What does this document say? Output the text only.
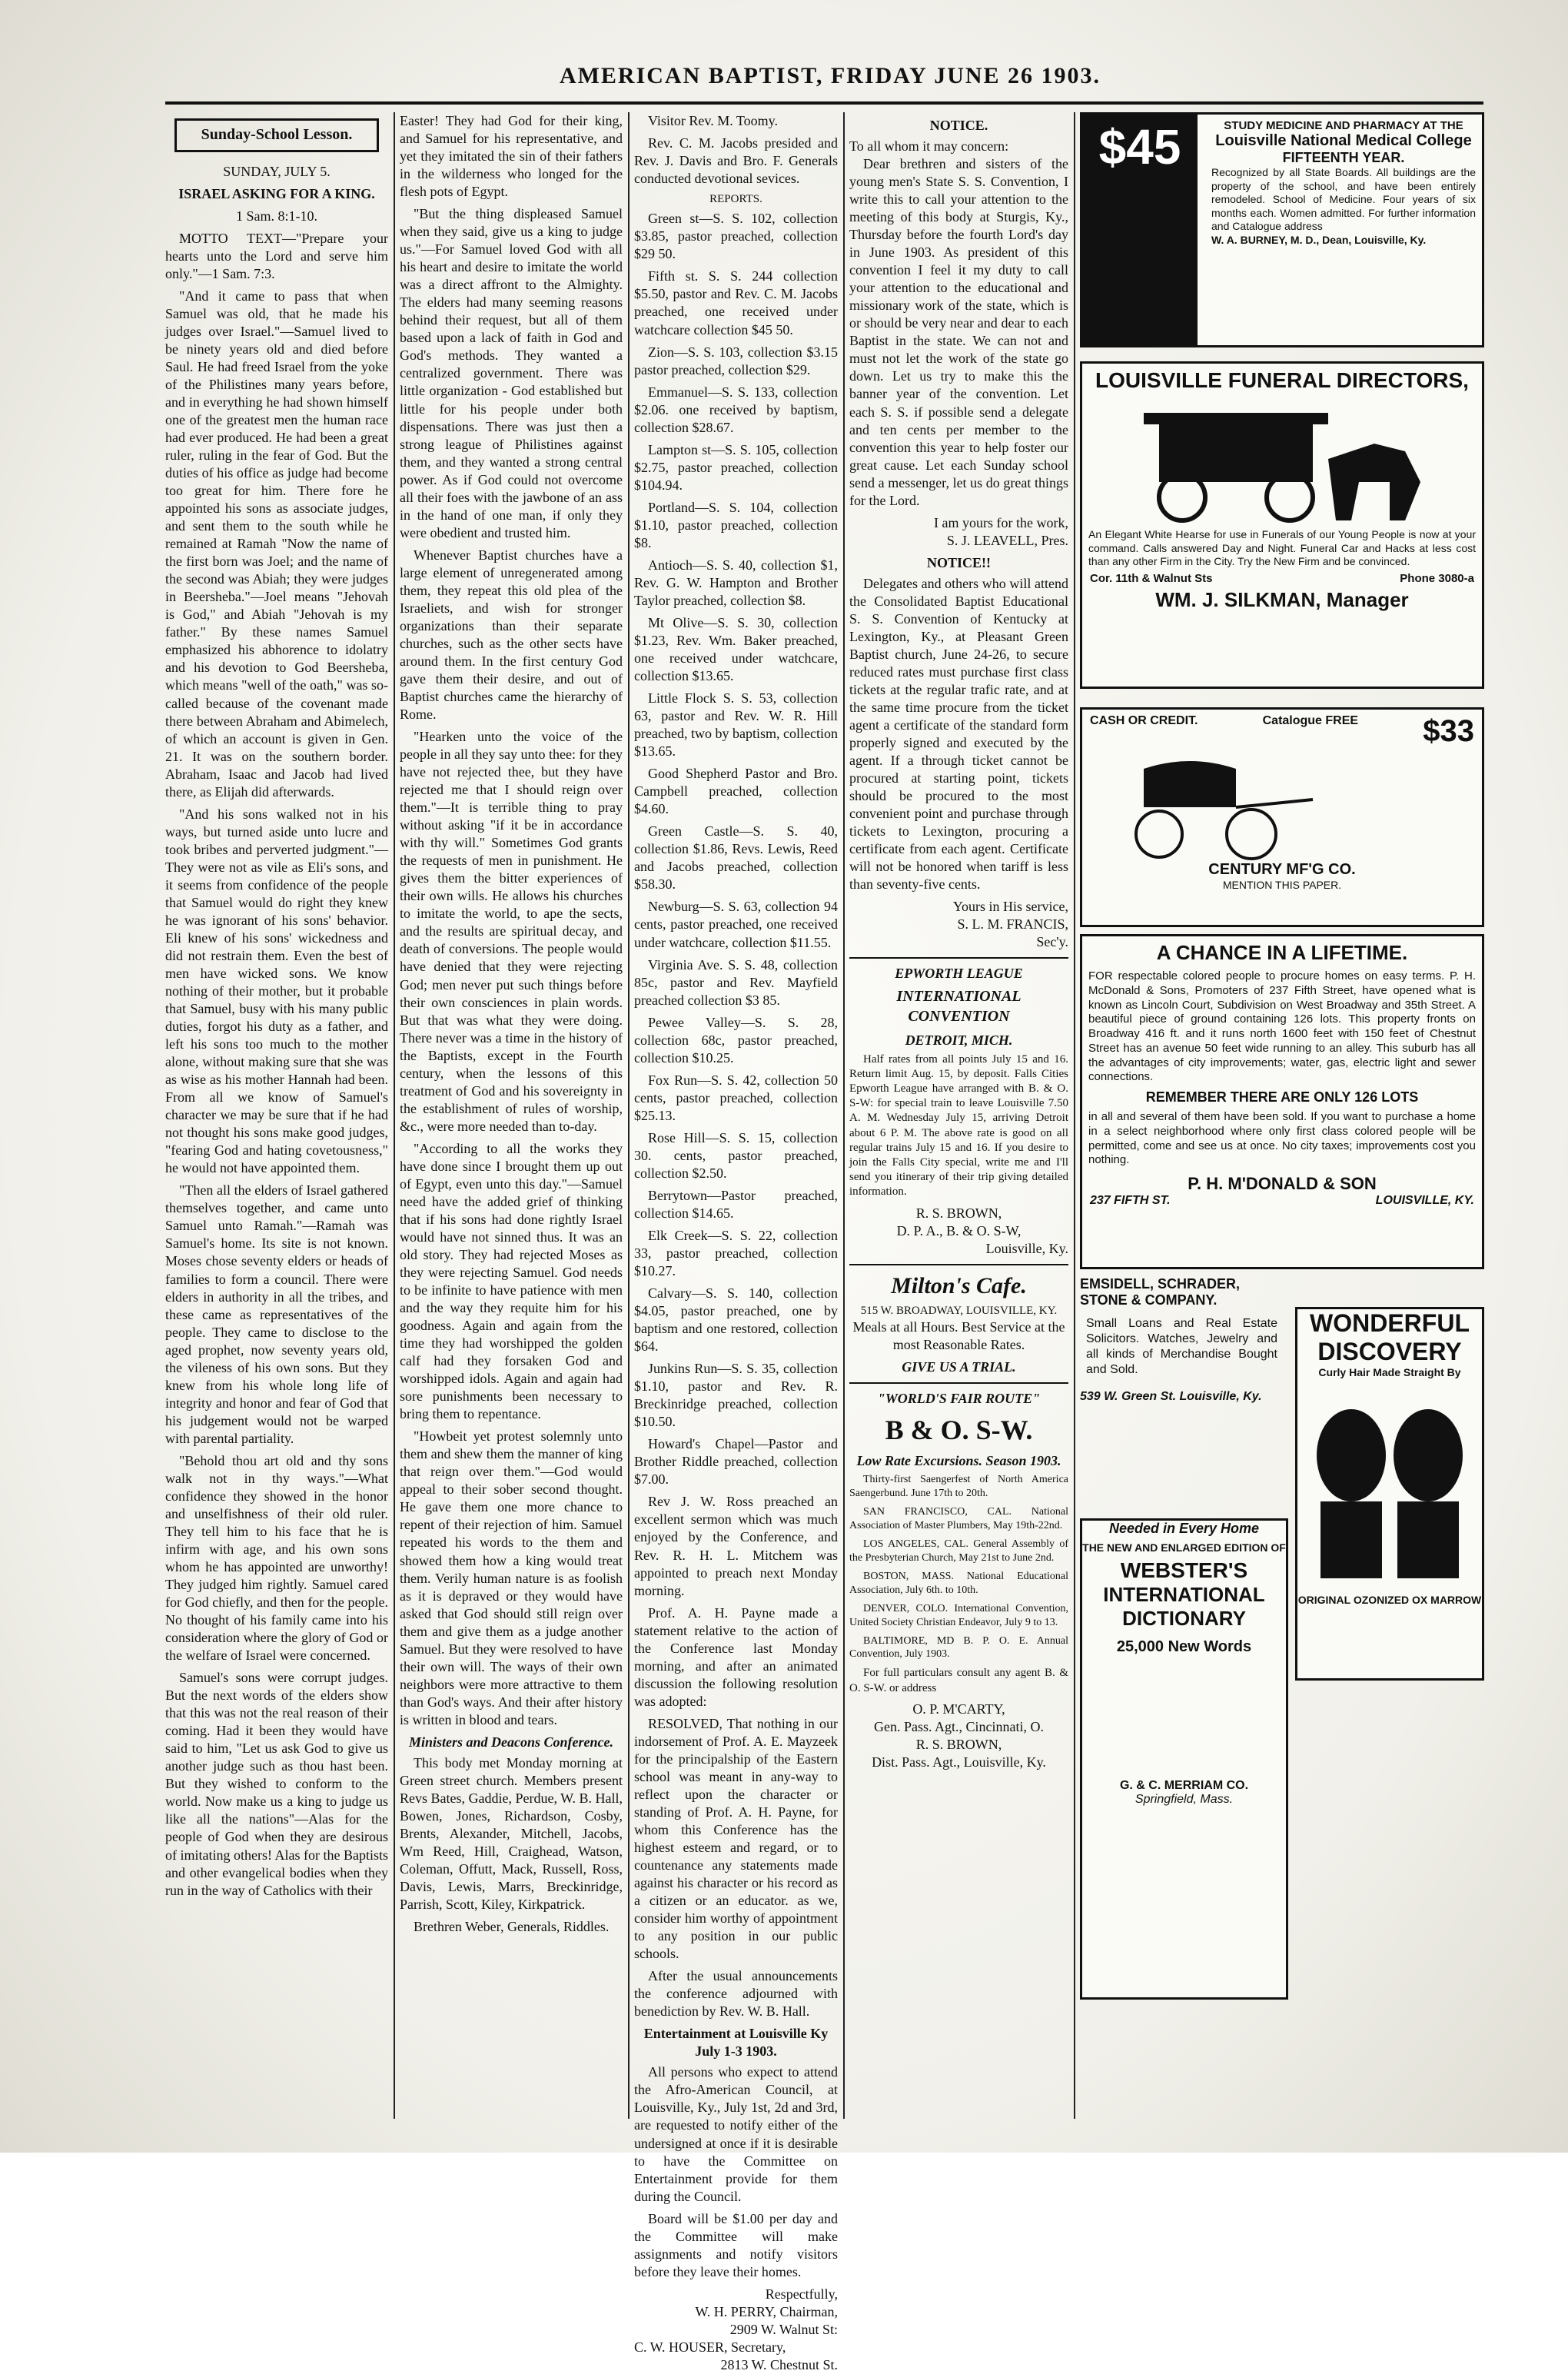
AMERICAN BAPTIST, FRIDAY JUNE 26 1903.
Sunday-School Lesson.
SUNDAY, JULY 5.
ISRAEL ASKING FOR A KING.
1 Sam. 8:1-10.

MOTTO TEXT—"Prepare your hearts unto the Lord and serve him only."—1 Sam. 7:3.

"And it came to pass that when Samuel was old, that he made his judges over Israel."—Samuel lived to be ninety years old and died before Saul. He had freed Israel from the yoke of the Philistines many years before, and in everything he had shown himself one of the greatest men the human race had ever produced. He had been a great ruler, ruling in the fear of God. But the duties of his office as judge had become too great for him. There fore he appointed his sons as associate judges, and sent them to the south while he remained at Ramah "Now the name of the first born was Joel; and the name of the second was Abiah; they were judges in Beersheba."—Joel means "Jehovah is God," and Abiah "Jehovah is my father." By these names Samuel emphasized his abhorence to idolatry and his devotion to God Beersheba, which means "well of the oath," was so-called because of the covenant made there between Abraham and Abimelech, of which an account is given in Gen. 21. It was on the southern border. Abraham, Isaac and Jacob had lived there, as Elijah did afterwards.

"And his sons walked not in his ways, but turned aside unto lucre and took bribes and perverted judgment."—They were not as vile as Eli's sons, and it seems from confidence of the people that Samuel would do right they knew he was ignorant of his sons' behavior. Eli knew of his sons' wickedness and did not restrain them. Even the best of men have wicked sons. We know nothing of their mother, but it probable that Samuel, busy with his many public duties, forgot his duty as a father, and left his sons too much to the mother alone, without making sure that she was as wise as his mother Hannah had been. From all we know of Samuel's character we may be sure that if he had not thought his sons make good judges, "fearing God and hating covetousness," he would not have appointed them.

"Then all the elders of Israel gathered themselves together, and came unto Samuel unto Ramah."—Ramah was Samuel's home. Its site is not known. Moses chose seventy elders or heads of families to form a council. There were elders in authority in all the tribes, and these came as representatives of the people. They came to disclose to the aged prophet, now seventy years old, the vileness of his own sons. But they knew from his whole long life of integrity and honor and fear of God that his judgement would not be warped with parental partiality.

"Behold thou art old and thy sons walk not in thy ways."—What confidence they showed in the honor and unselfishness of their old ruler. They tell him to his face that he is infirm with age, and his own sons whom he has appointed are unworthy! They judged him rightly. Samuel cared for God chiefly, and then for the people. No thought of his family came into his consideration where the glory of God or the welfare of Israel were concerned.

Samuel's sons were corrupt judges. But the next words of the elders show that this was not the real reason of their coming. Had it been they would have said to him, "Let us ask God to give us another judge such as thou hast been. But they wished to conform to the world. Now make us a king to judge us like all the nations"—Alas for the people of God when they are desirous of imitating others! Alas for the Baptists and other evangelical bodies when they run in the way of Catholics with their

Easter! They had God for their king, and Samuel for his representative, and yet they imitated the sin of their fathers in the wilderness who longed for the flesh pots of Egypt.

"But the thing displeased Samuel when they said, give us a king to judge us."—For Samuel loved God with all his heart and desire to imitate the world was a direct affront to the Almighty. The elders had many seeming reasons behind their request, but all of them based upon a lack of faith in God and God's methods. They wanted a centralized government. There was little organization - God established but little for his people under both dispensations. There was just then a strong league of Philistines against them, and they wanted a strong central power. As if God could not overcome all their foes with the jawbone of an ass in the hand of one man, if only they were obedient and trusted him.

Whenever Baptist churches have a large element of unregenerated among them, they repeat this old plea of the Israeliets, and wish for stronger organizations than their separate churches, such as the other sects have around them. In the first century God gave them their desire, and out of Baptist churches came the hierarchy of Rome.

"Hearken unto the voice of the people in all they say unto thee: for they have not rejected thee, but they have rejected me that I should reign over them."—It is terrible thing to pray without asking "if it be in accordance with thy will." Sometimes God grants the requests of men in punishment. He gives them the bitter experiences of their own wills. He allows his churches to imitate the world, to ape the sects, and the results are spiritual decay, and death of conversions. The people would have denied that they were rejecting God; men never put such things before their own consciences in plain words. But that was what they were doing. There never was a time in the history of the Baptists, except in the Fourth century, when the lessons of this treatment of God and his sovereignty in the establishment of rules of worship, &c., were more needed than to-day.

"According to all the works they have done since I brought them up out of Egypt, even unto this day."—Samuel need have the added grief of thinking that if his sons had done rightly Israel would have not sinned thus. It was an old story. They had rejected Moses as they were rejecting Samuel. God needs to be infinite to have patience with men and the way they requite him for his goodness. Again and again from the time they had worshipped the golden calf had they forsaken God and worshipped idols. Again and again had sore punishments been necessary to bring them to repentance.

"Howbeit yet protest solemnly unto them and shew them the manner of king that reign over them."—God would appeal to their sober second thought. He gave them one more chance to repent of their rejection of him. Samuel repeated his words to the them and showed them how a king would treat them. Verily human nature is as foolish as it is depraved or they would have asked that God should still reign over them and give them as a judge another Samuel. But they were resolved to have their own will. The ways of their own neighbors were more attractive to them than God's ways. And their after history is written in blood and tears.

Ministers and Deacons Conference.

This body met Monday morning at Green street church. Members present Revs Bates, Gaddie, Perdue, W. B. Hall, Bowen, Jones, Richardson, Cosby, Brents, Alexander, Mitchell, Jacobs, Wm Reed, Hill, Craighead, Watson, Coleman, Offutt, Mack, Russell, Ross, Davis, Lewis, Marrs, Breckinridge, Parrish, Scott, Kiley, Kirkpatrick.

Brethren Weber, Generals, Riddles.

Visitor Rev. M. Toomy.

Rev. C. M. Jacobs presided and Rev. J. Davis and Bro. F. Generals conducted devotional sevices.

REPORTS.

Green st—S. S. 102, collection $3.85, pastor preached, collection $29 50.

Fifth st. S. S. 244 collection $5.50, pastor and Rev. C. M. Jacobs preached, one received under watchcare collection $45 50.

Zion—S. S. 103, collection $3.15 pastor preached, collection $29.

Emmanuel—S. S. 133, collection $2.06. one received by baptism, collection $28.67.

Lampton st—S. S. 105, collection $2.75, pastor preached, collection $104.94.

Portland—S. S. 104, collection $1.10, pastor preached, collection $8.

Antioch—S. S. 40, collection $1, Rev. G. W. Hampton and Brother Taylor preached, collection $8.

Mt Olive—S. S. 30, collection $1.23, Rev. Wm. Baker preached, one received under watchcare, collection $13.65.

Little Flock S. S. 53, collection 63, pastor and Rev. W. R. Hill preached, two by baptism, collection $13.65.

Good Shepherd Pastor and Bro. Campbell preached, collection $4.60.

Green Castle—S. S. 40, collection $1.86, Revs. Lewis, Reed and Jacobs preached, collection $58.30.

Newburg—S. S. 63, collection 94 cents, pastor preached, one received under watchcare, collection $11.55.

Virginia Ave. S. S. 48, collection 85c, pastor and Rev. Mayfield preached collection $3 85.

Pewee Valley—S. S. 28, collection 68c, pastor preached, collection $10.25.

Fox Run—S. S. 42, collection 50 cents, pastor preached, collection $25.13.

Rose Hill—S. S. 15, collection 30. cents, pastor preached, collection $2.50.

Berrytown—Pastor preached, collection $14.65.

Elk Creek—S. S. 22, collection 33, pastor preached, collection $10.27.

Calvary—S. S. 140, collection $4.05, pastor preached, one by baptism and one restored, collection $64.

Junkins Run—S. S. 35, collection $1.10, pastor and Rev. R. Breckinridge preached, collection $10.50.

Howard's Chapel—Pastor and Brother Riddle preached, collection $7.00.

Rev J. W. Ross preached an excellent sermon which was much enjoyed by the Conference, and Rev. R. H. L. Mitchem was appointed to preach next Monday morning.

Prof. A. H. Payne made a statement relative to the action of the Conference last Monday morning, and after an animated discussion the following resolution was adopted:

RESOLVED, That nothing in our indorsement of Prof. A. E. Mayzeek for the principalship of the Eastern school was meant in any-way to reflect upon the character or standing of Prof. A. H. Payne, for whom this Conference has the highest esteem and regard, or to countenance any statements made against his character or his record as a citizen or an educator. as we, consider him worthy of appointment to any position in our public schools.

After the usual announcements the conference adjourned with benediction by Rev. W. B. Hall.

Entertainment at Louisville Ky July 1-3 1903.

All persons who expect to attend the Afro-American Council, at Louisville, Ky., July 1st, 2d and 3rd, are requested to notify either of the undersigned at once if it is desirable to have the Committee on Entertainment provide for them during the Council.

Board will be $1.00 per day and the Committee will make assignments and notify visitors before they leave their homes.

Respectfully,
W. H. PERRY, Chairman,
2909 W. Walnut St:
C. W. HOUSER, Secretary,
2813 W. Chestnut St.
NOTICE.
To all whom it may concern:

Dear brethren and sisters of the young men's State S. S. Convention, I write this to call your attention to the meeting of this body at Sturgis, Ky., Thursday before the fourth Lord's day in June 1903. As president of this convention I feel it my duty to call your attention to the educational and missionary work of the state, which is or should be very near and dear to each Baptist in the state. We can not and must not let the work of the state go down. Let us try to make this the banner year of the convention. Let each S. S. if possible send a delegate and ten cents per member to the convention this year to help foster our great cause. Let each Sunday school send a messenger, let us do great things for the Lord.

I am yours for the work,
S. J. LEAVELL, Pres.
NOTICE!!

Delegates and others who will attend the Consolidated Baptist Educational S. S. Convention of Kentucky at Lexington, Ky., at Pleasant Green Baptist church, June 24-26, to secure reduced rates must purchase first class tickets at the regular trafic rate, and at the same time procure from the ticket agent a certificate of the standard form properly signed and executed by the agent. If a through ticket cannot be procured at starting point, tickets should be procured to the most convenient point and purchase through tickets to Lexington, procuring a certificate from each agent. Certificate will not be honored when tariff is less than seventy-five cents.

Yours in His service,
S. L. M. FRANCIS,
Sec'y.
EPWORTH LEAGUE
INTERNATIONAL CONVENTION
DETROIT, MICH.

Half rates from all points July 15 and 16. Return limit Aug. 15, by deposit. Falls Cities Epworth League have arranged with B. & O. S-W: for special train to leave Louisville 7.50 A. M. Wednesday July 15, arriving Detroit about 6 P. M. The above rate is good on all regular trains July 15 and 16. If you desire to join the Falls City special, write me and I'll send you itinerary of their trip giving detailed information.

R. S. BROWN,
D. P. A., B. & O. S-W,
Louisville, Ky.
Milton's Cafe.
515 W. BROADWAY, LOUISVILLE, KY.
Meals at all Hours. Best Service at the most Reasonable Rates.
GIVE US A TRIAL.
"WORLD'S FAIR ROUTE"
B & O. S-W.
Low Rate Excursions. Season 1903.

Thirty-first Saengerfest of North America Saengerbund. June 17th to 20th.

SAN FRANCISCO, CAL. National Association of Master Plumbers, May 19th-22nd.

LOS ANGELES, CAL. General Assembly of the Presbyterian Church, May 21st to June 2nd.

BOSTON, MASS. National Educational Association, July 6th. to 10th.

DENVER, COLO. International Convention, United Society Christian Endeavor, July 9 to 13.

BALTIMORE, MD B. P. O. E. Annual Convention, July 1903.

For full particulars consult any agent B. & O. S-W. or address

O. P. M'CARTY,
Gen. Pass. Agt., Cincinnati, O.
R. S. BROWN,
Dist. Pass. Agt., Louisville, Ky.
$45	STUDY MEDICINE AND PHARMACY AT THE
Louisville National Medical College
FIFTEENTH YEAR.
Recognized by all State Boards. All buildings are the property of the school, and have been entirely remodeled. School of Medicine. Four years of six months each. Women admitted. For further information and Catalogue address
W. A. BURNEY, M. D., Dean, Louisville, Ky.
LOUISVILLE FUNERAL DIRECTORS,
An Elegant White Hearse for use in Funerals of our Young People is now at your command. Calls answered Day and Night. Funeral Car and Hacks at less cost than any other Firm in the City. Try the New Firm and be convinced.
Cor. 11th & Walnut Sts	Phone 3080-a
WM. J. SILKMAN, Manager
CASH OR CREDIT.	Catalogue FREE $33
CENTURY MF'G CO.
MENTION THIS PAPER.
A CHANCE IN A LIFETIME.
FOR respectable colored people to procure homes on easy terms. P. H. McDonald & Sons, Promoters of 237 Fifth Street, have opened what is known as Lincoln Court, Subdivision on West Broadway and 35th Street. A beautiful piece of ground containing 126 lots. This property fronts on Broadway 416 ft. and it runs north 1600 feet with 150 feet of Chestnut Street has an avenue 50 feet wide running to an alley. This suburb has all the advantages of city improvements; water, gas, electric light and sewer connections.
REMEMBER THERE ARE ONLY 126 LOTS
in all and several of them have been sold. If you want to purchase a home in a select neighborhood where only first class colored people will be permitted, come and see us at once. No city taxes; improvements cost you nothing.
P. H. M'DONALD & SON
237 FIFTH ST.	LOUISVILLE, KY.
EMSIDELL, SCHRADER, STONE & COMPANY.
Small Loans and Real Estate Solicitors. Watches, Jewelry and all kinds of Merchandise Bought and Sold.
539 W. Green St. Louisville, Ky.
WONDERFUL
DISCOVERY
Curly Hair Made Straight By
ORIGINAL OZONIZED OX MARROW
Needed in Every Home
THE NEW AND ENLARGED EDITION OF
WEBSTER'S
INTERNATIONAL
DICTIONARY
25,000 New Words
G. & C. MERRIAM CO.
Springfield, Mass.
